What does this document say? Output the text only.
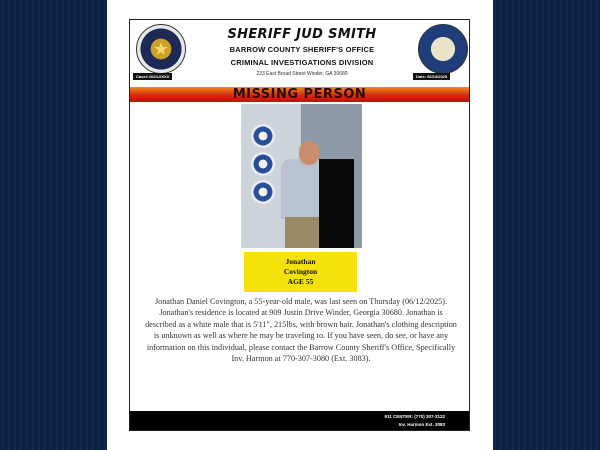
★
SHERIFF JUD SMITH
BARROW COUNTY SHERIFF'S OFFICE
CRIMINAL INVESTIGATIONS DIVISION
233 East Broad Street Winder, GA 30680
Case# 2024-0XXX	Date: 06/13/2025
MISSING PERSON
Jonathan
Covington
AGE 55
Jonathan Daniel Covington, a 55-year-old male, was last seen on Thursday (06/12/2025). Jonathan's residence is located at 909 Justin Drive Winder, Georgia 30680. Jonathan is described as a white male that is 5'11", 215lbs, with brown hair. Jonathan's clothing description is unknown as well as where he may be traveling to. If you have seen, do see, or have any information on this individual, please contact the Barrow County Sheriff's Office, Specifically Inv. Harmon at 770-307-3080 (Ext. 3083).
911 CENTER: (770) 307-3122
Inv. Harmon Ext. 3083
